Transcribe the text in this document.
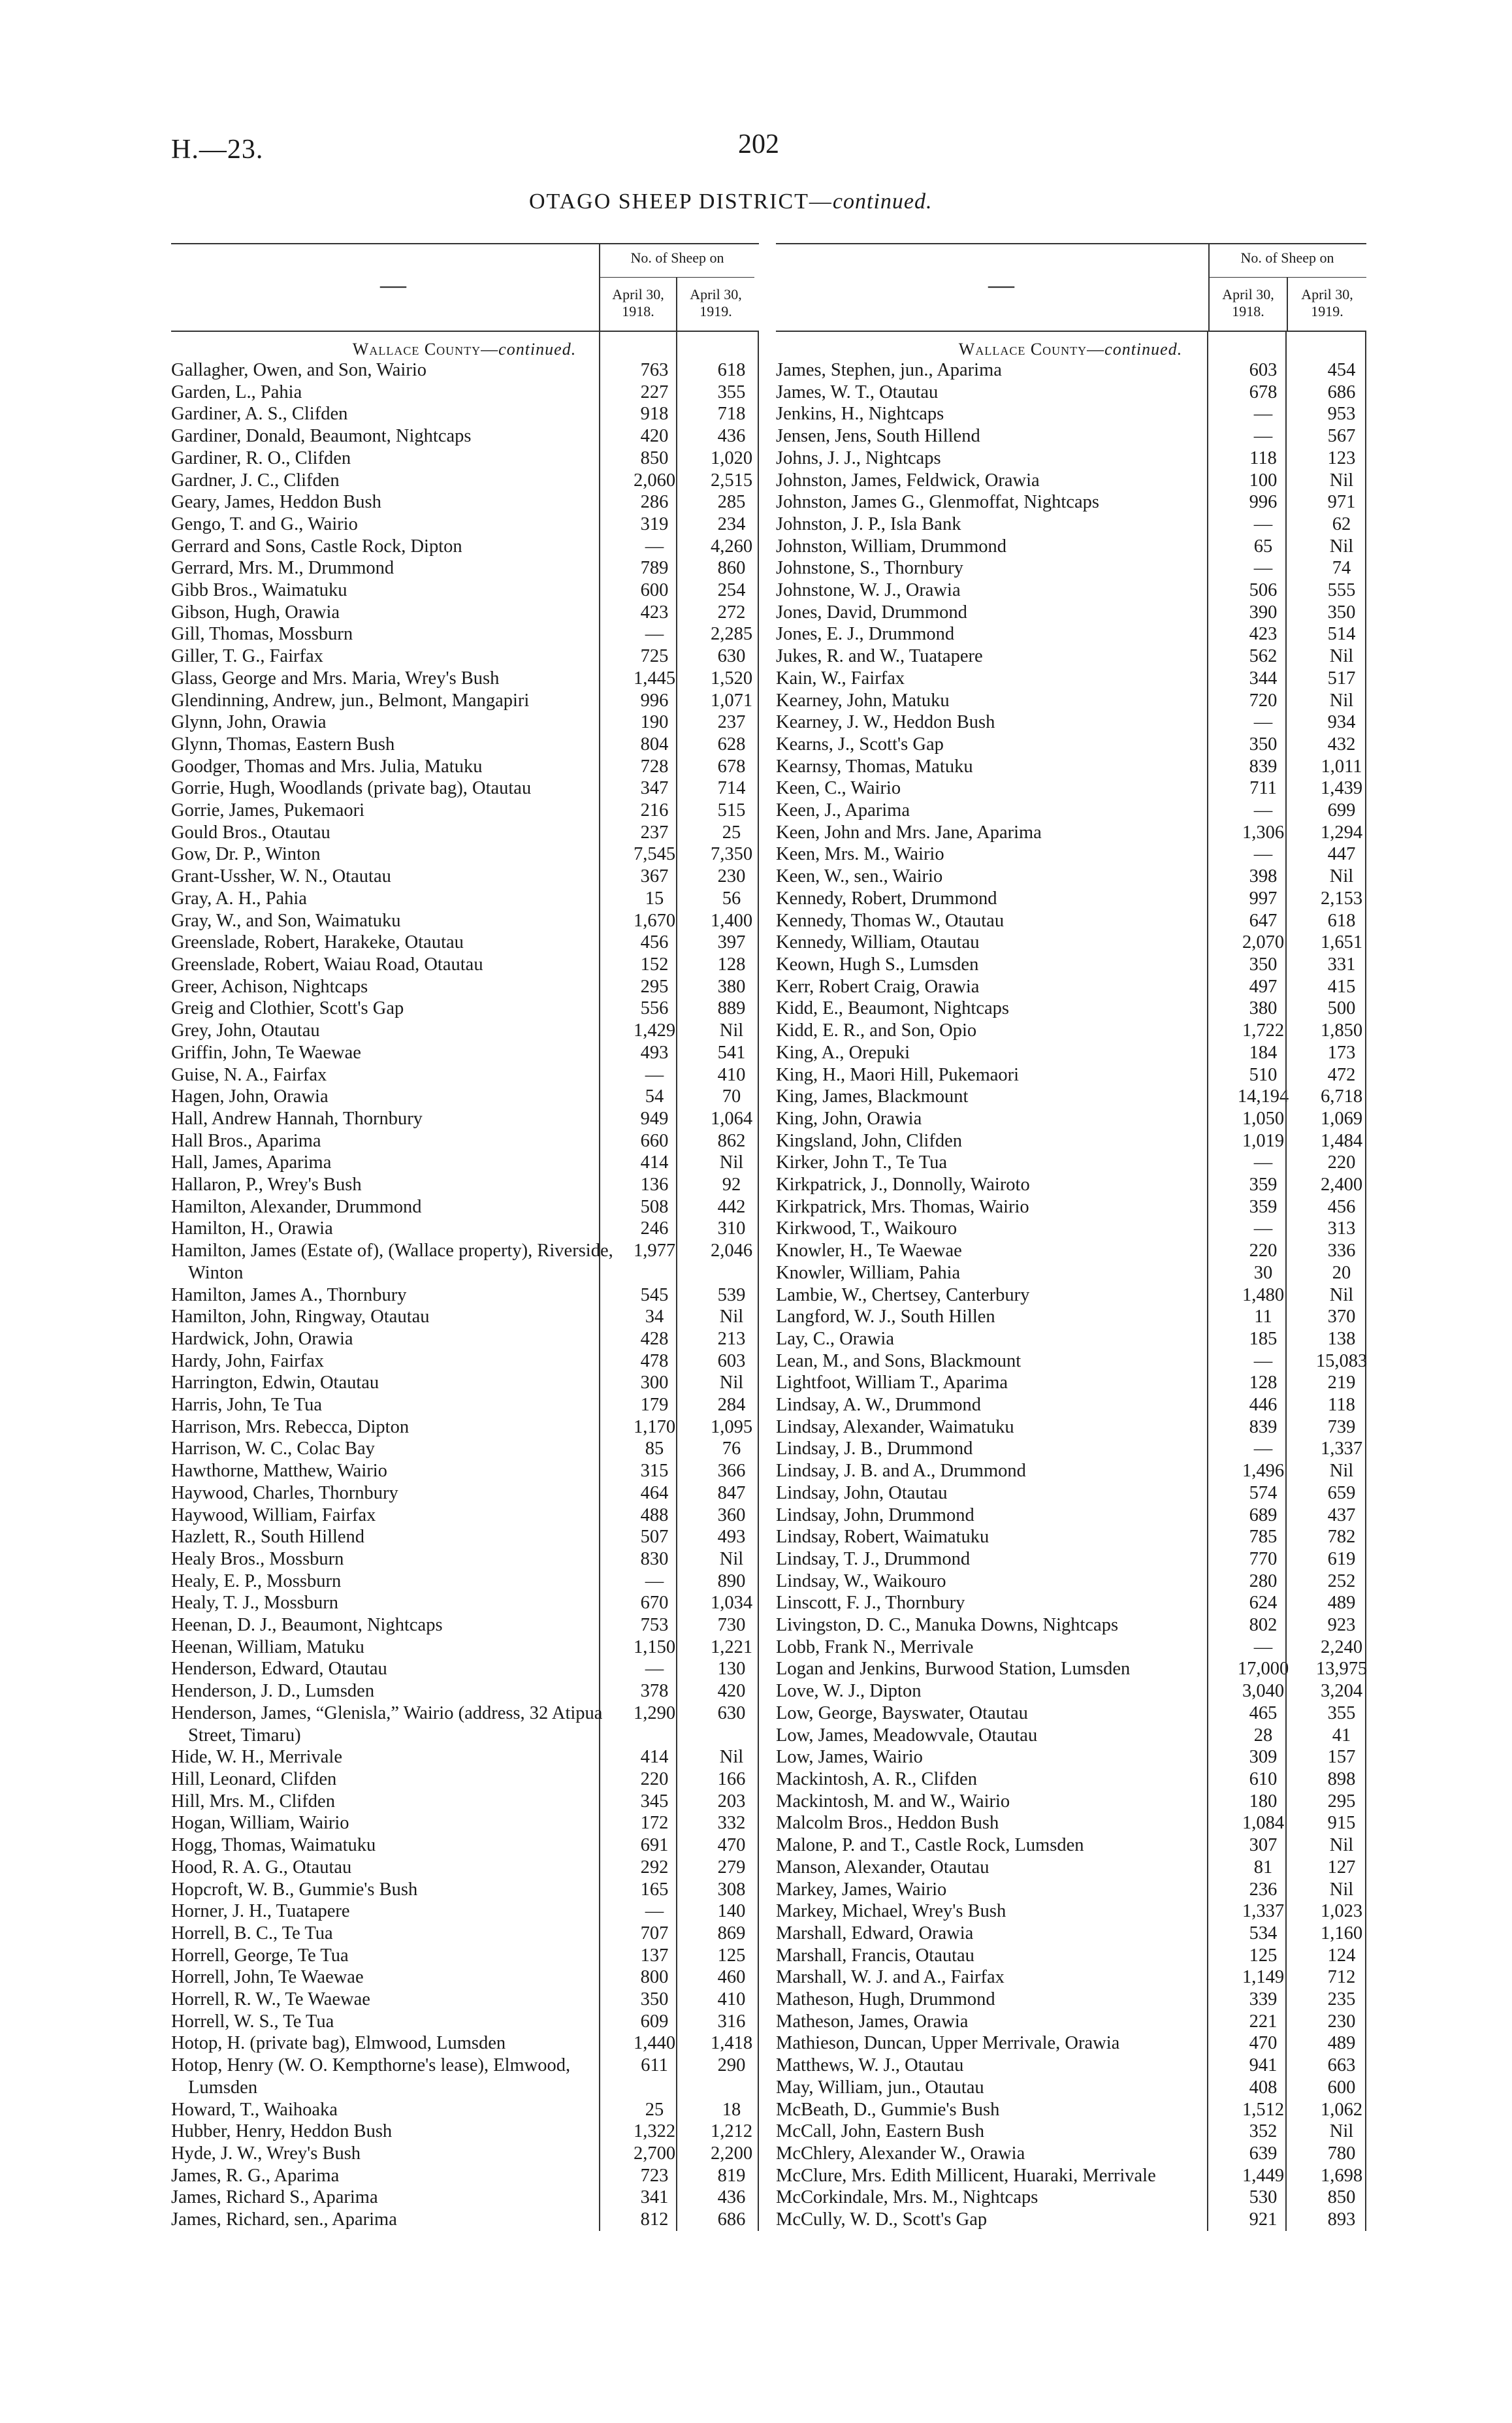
H.—23.	202
OTAGO SHEEP DISTRICT—continued.
—
No. of Sheep on
April 30,
1918.
April 30,
1919.
Wallace County—continued.
Gallagher, Owen, and Son, Wairio	763	618
Garden, L., Pahia	227	355
Gardiner, A. S., Clifden	918	718
Gardiner, Donald, Beaumont, Nightcaps	420	436
Gardiner, R. O., Clifden	850	1,020
Gardner, J. C., Clifden	2,060	2,515
Geary, James, Heddon Bush	286	285
Gengo, T. and G., Wairio	319	234
Gerrard and Sons, Castle Rock, Dipton	—	4,260
Gerrard, Mrs. M., Drummond	789	860
Gibb Bros., Waimatuku	600	254
Gibson, Hugh, Orawia	423	272
Gill, Thomas, Mossburn	—	2,285
Giller, T. G., Fairfax	725	630
Glass, George and Mrs. Maria, Wrey's Bush	1,445	1,520
Glendinning, Andrew, jun., Belmont, Mangapiri	996	1,071
Glynn, John, Orawia	190	237
Glynn, Thomas, Eastern Bush	804	628
Goodger, Thomas and Mrs. Julia, Matuku	728	678
Gorrie, Hugh, Woodlands (private bag), Otautau	347	714
Gorrie, James, Pukemaori	216	515
Gould Bros., Otautau	237	25
Gow, Dr. P., Winton	7,545	7,350
Grant-Ussher, W. N., Otautau	367	230
Gray, A. H., Pahia	15	56
Gray, W., and Son, Waimatuku	1,670	1,400
Greenslade, Robert, Harakeke, Otautau	456	397
Greenslade, Robert, Waiau Road, Otautau	152	128
Greer, Achison, Nightcaps	295	380
Greig and Clothier, Scott's Gap	556	889
Grey, John, Otautau	1,429	Nil
Griffin, John, Te Waewae	493	541
Guise, N. A., Fairfax	—	410
Hagen, John, Orawia	54	70
Hall, Andrew Hannah, Thornbury	949	1,064
Hall Bros., Aparima	660	862
Hall, James, Aparima	414	Nil
Hallaron, P., Wrey's Bush	136	92
Hamilton, Alexander, Drummond	508	442
Hamilton, H., Orawia	246	310
Hamilton, James (Estate of), (Wallace property), Riverside, Winton
1,977	2,046
Hamilton, James A., Thornbury	545	539
Hamilton, John, Ringway, Otautau	34	Nil
Hardwick, John, Orawia	428	213
Hardy, John, Fairfax	478	603
Harrington, Edwin, Otautau	300	Nil
Harris, John, Te Tua	179	284
Harrison, Mrs. Rebecca, Dipton	1,170	1,095
Harrison, W. C., Colac Bay	85	76
Hawthorne, Matthew, Wairio	315	366
Haywood, Charles, Thornbury	464	847
Haywood, William, Fairfax	488	360
Hazlett, R., South Hillend	507	493
Healy Bros., Mossburn	830	Nil
Healy, E. P., Mossburn	—	890
Healy, T. J., Mossburn	670	1,034
Heenan, D. J., Beaumont, Nightcaps	753	730
Heenan, William, Matuku	1,150	1,221
Henderson, Edward, Otautau	—	130
Henderson, J. D., Lumsden	378	420
Henderson, James, “Glenisla,” Wairio (address, 32 Atipua Street, Timaru)
1,290	630
Hide, W. H., Merrivale	414	Nil
Hill, Leonard, Clifden	220	166
Hill, Mrs. M., Clifden	345	203
Hogan, William, Wairio	172	332
Hogg, Thomas, Waimatuku	691	470
Hood, R. A. G., Otautau	292	279
Hopcroft, W. B., Gummie's Bush	165	308
Horner, J. H., Tuatapere	—	140
Horrell, B. C., Te Tua	707	869
Horrell, George, Te Tua	137	125
Horrell, John, Te Waewae	800	460
Horrell, R. W., Te Waewae	350	410
Horrell, W. S., Te Tua	609	316
Hotop, H. (private bag), Elmwood, Lumsden	1,440	1,418
Hotop, Henry (W. O. Kempthorne's lease), Elmwood, Lumsden
611	290
Howard, T., Waihoaka	25	18
Hubber, Henry, Heddon Bush	1,322	1,212
Hyde, J. W., Wrey's Bush	2,700	2,200
James, R. G., Aparima	723	819
James, Richard S., Aparima	341	436
James, Richard, sen., Aparima	812	686
—
No. of Sheep on
April 30,
1918.
April 30,
1919.
Wallace County—continued.
James, Stephen, jun., Aparima	603	454
James, W. T., Otautau	678	686
Jenkins, H., Nightcaps	—	953
Jensen, Jens, South Hillend	—	567
Johns, J. J., Nightcaps	118	123
Johnston, James, Feldwick, Orawia	100	Nil
Johnston, James G., Glenmoffat, Nightcaps	996	971
Johnston, J. P., Isla Bank	—	62
Johnston, William, Drummond	65	Nil
Johnstone, S., Thornbury	—	74
Johnstone, W. J., Orawia	506	555
Jones, David, Drummond	390	350
Jones, E. J., Drummond	423	514
Jukes, R. and W., Tuatapere	562	Nil
Kain, W., Fairfax	344	517
Kearney, John, Matuku	720	Nil
Kearney, J. W., Heddon Bush	—	934
Kearns, J., Scott's Gap	350	432
Kearnsy, Thomas, Matuku	839	1,011
Keen, C., Wairio	711	1,439
Keen, J., Aparima	—	699
Keen, John and Mrs. Jane, Aparima	1,306	1,294
Keen, Mrs. M., Wairio	—	447
Keen, W., sen., Wairio	398	Nil
Kennedy, Robert, Drummond	997	2,153
Kennedy, Thomas W., Otautau	647	618
Kennedy, William, Otautau	2,070	1,651
Keown, Hugh S., Lumsden	350	331
Kerr, Robert Craig, Orawia	497	415
Kidd, E., Beaumont, Nightcaps	380	500
Kidd, E. R., and Son, Opio	1,722	1,850
King, A., Orepuki	184	173
King, H., Maori Hill, Pukemaori	510	472
King, James, Blackmount	14,194	6,718
King, John, Orawia	1,050	1,069
Kingsland, John, Clifden	1,019	1,484
Kirker, John T., Te Tua	—	220
Kirkpatrick, J., Donnolly, Wairoto	359	2,400
Kirkpatrick, Mrs. Thomas, Wairio	359	456
Kirkwood, T., Waikouro	—	313
Knowler, H., Te Waewae	220	336
Knowler, William, Pahia	30	20
Lambie, W., Chertsey, Canterbury	1,480	Nil
Langford, W. J., South Hillen	11	370
Lay, C., Orawia	185	138
Lean, M., and Sons, Blackmount	—	15,083
Lightfoot, William T., Aparima	128	219
Lindsay, A. W., Drummond	446	118
Lindsay, Alexander, Waimatuku	839	739
Lindsay, J. B., Drummond	—	1,337
Lindsay, J. B. and A., Drummond	1,496	Nil
Lindsay, John, Otautau	574	659
Lindsay, John, Drummond	689	437
Lindsay, Robert, Waimatuku	785	782
Lindsay, T. J., Drummond	770	619
Lindsay, W., Waikouro	280	252
Linscott, F. J., Thornbury	624	489
Livingston, D. C., Manuka Downs, Nightcaps	802	923
Lobb, Frank N., Merrivale	—	2,240
Logan and Jenkins, Burwood Station, Lumsden	17,000	13,975
Love, W. J., Dipton	3,040	3,204
Low, George, Bayswater, Otautau	465	355
Low, James, Meadowvale, Otautau	28	41
Low, James, Wairio	309	157
Mackintosh, A. R., Clifden	610	898
Mackintosh, M. and W., Wairio	180	295
Malcolm Bros., Heddon Bush	1,084	915
Malone, P. and T., Castle Rock, Lumsden	307	Nil
Manson, Alexander, Otautau	81	127
Markey, James, Wairio	236	Nil
Markey, Michael, Wrey's Bush	1,337	1,023
Marshall, Edward, Orawia	534	1,160
Marshall, Francis, Otautau	125	124
Marshall, W. J. and A., Fairfax	1,149	712
Matheson, Hugh, Drummond	339	235
Matheson, James, Orawia	221	230
Mathieson, Duncan, Upper Merrivale, Orawia	470	489
Matthews, W. J., Otautau	941	663
May, William, jun., Otautau	408	600
McBeath, D., Gummie's Bush	1,512	1,062
McCall, John, Eastern Bush	352	Nil
McChlery, Alexander W., Orawia	639	780
McClure, Mrs. Edith Millicent, Huaraki, Merrivale	1,449	1,698
McCorkindale, Mrs. M., Nightcaps	530	850
McCully, W. D., Scott's Gap	921	893
